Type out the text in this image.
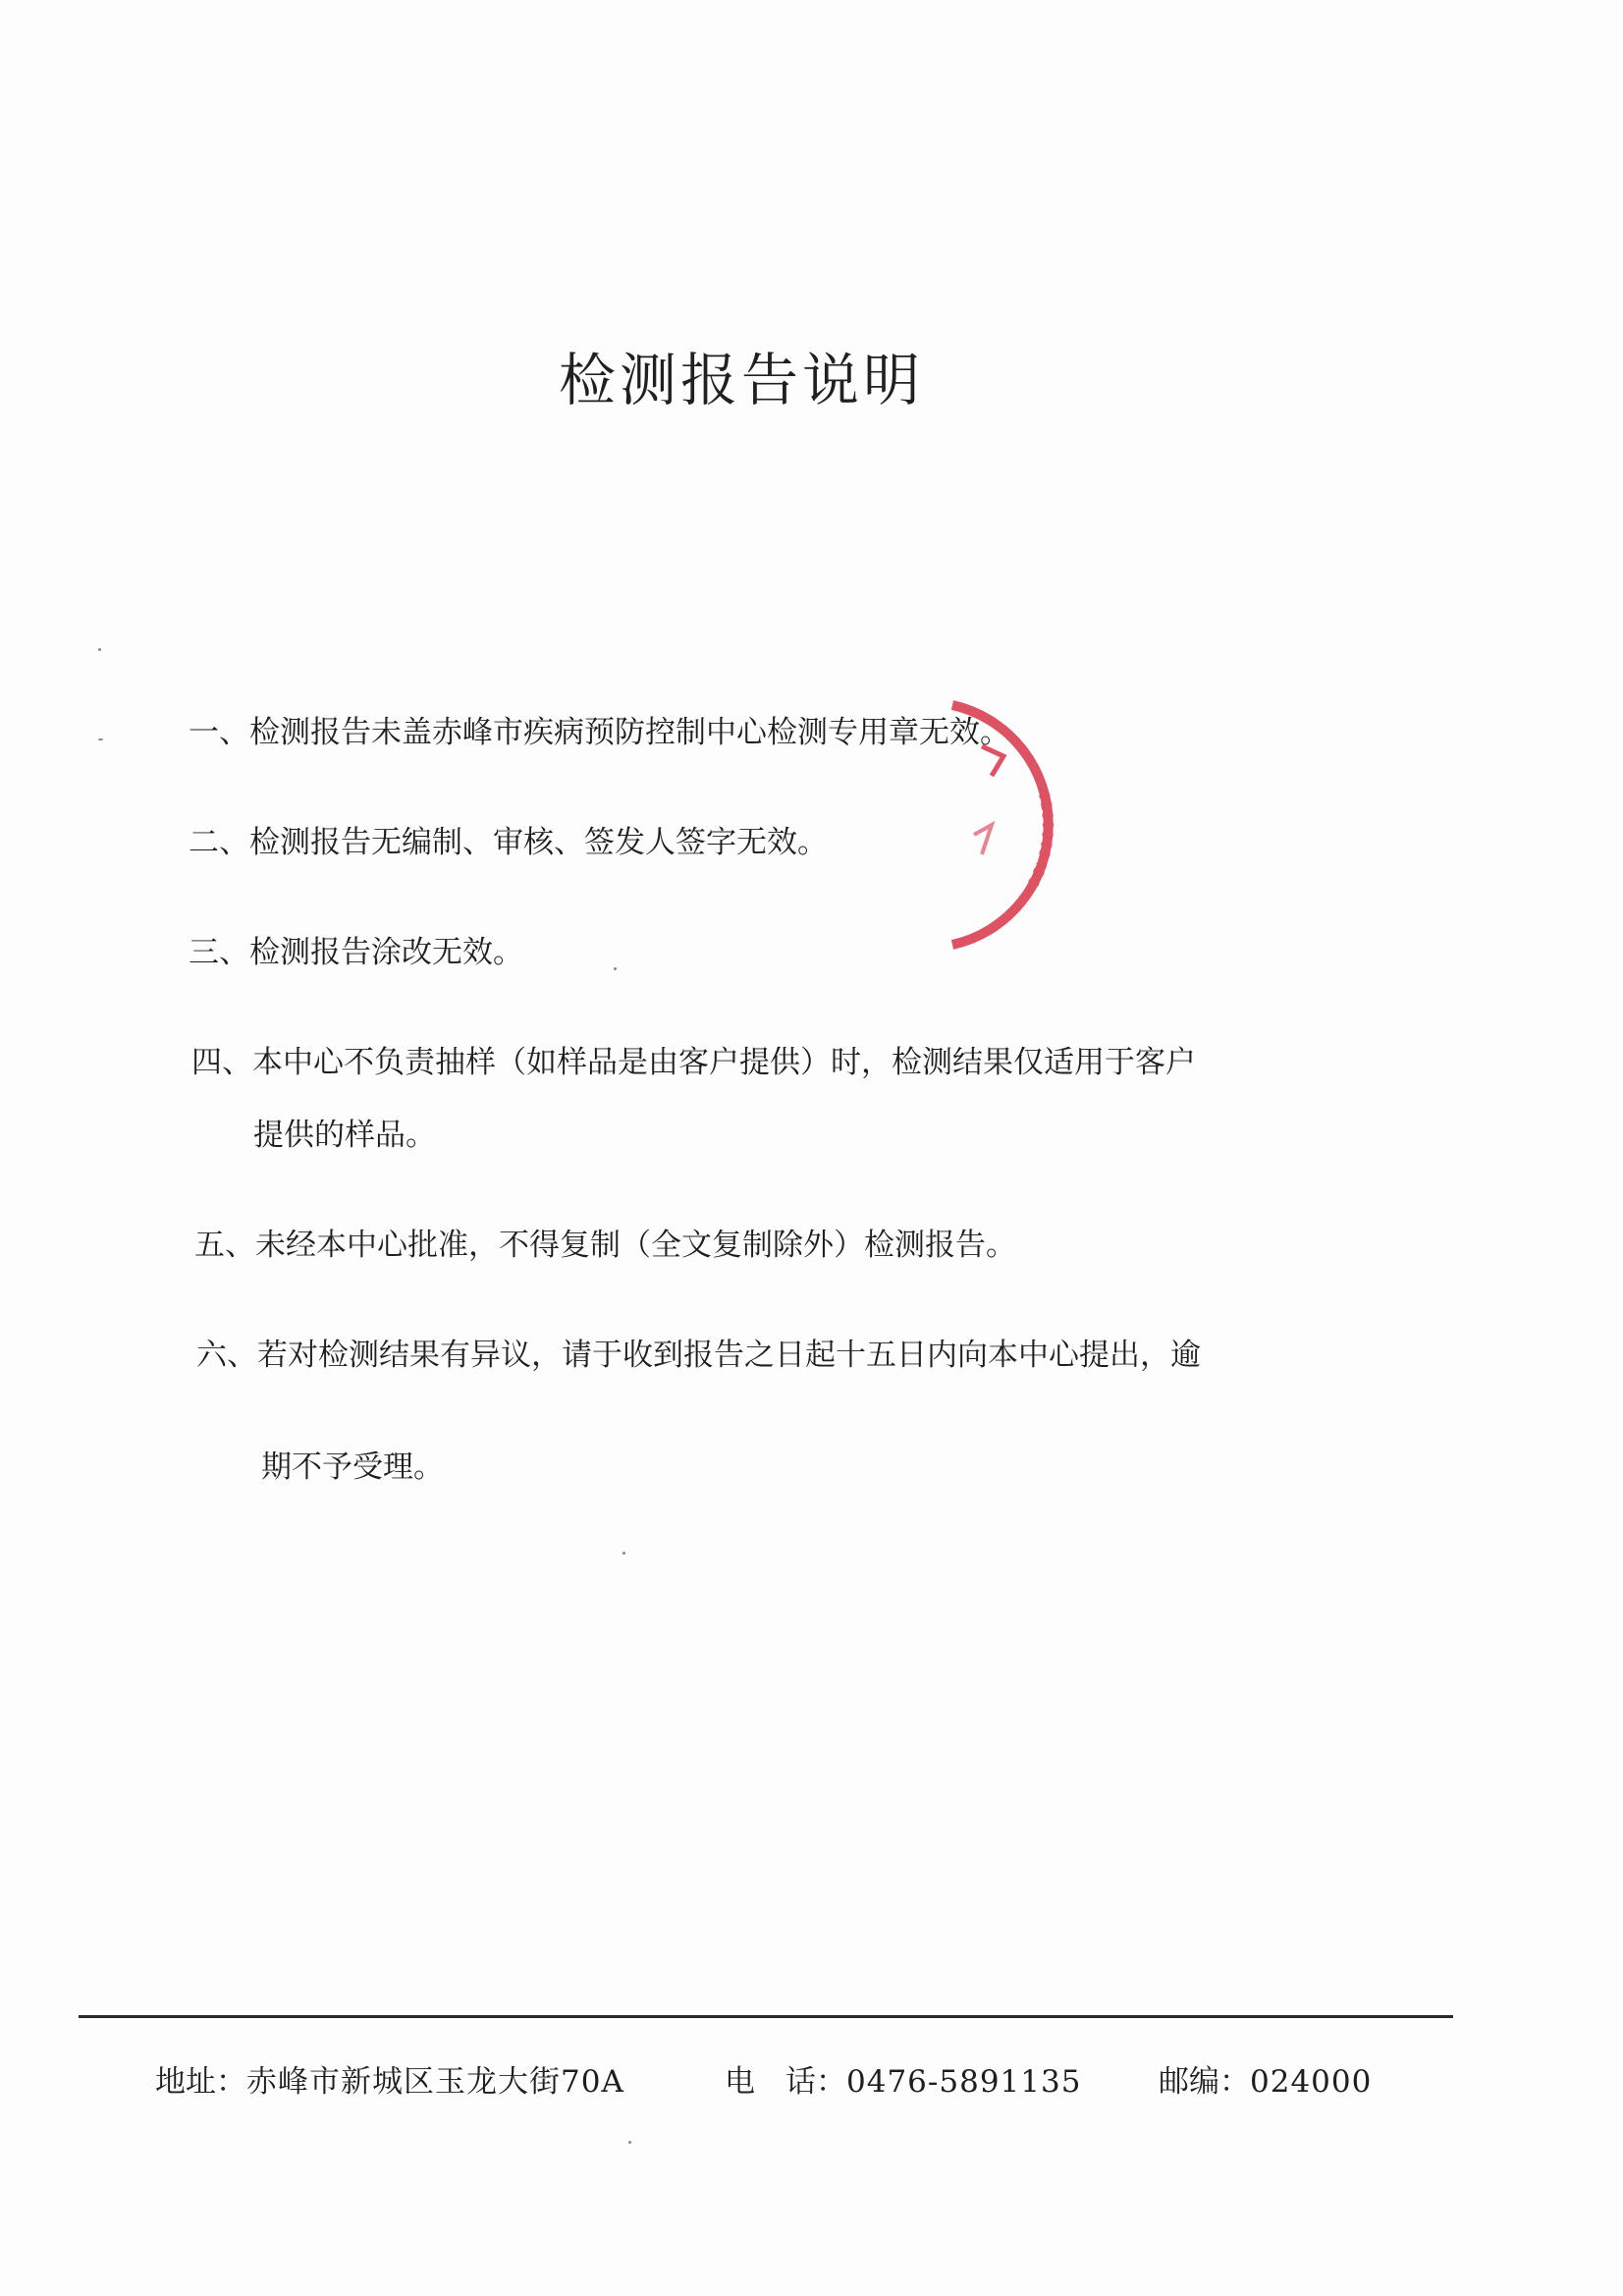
检测报告说明
一、检测报告未盖赤峰市疾病预防控制中心检测专用章无效。
二、检测报告无编制、审核、签发人签字无效。
三、检测报告涂改无效。
四、本中心不负责抽样（如样品是由客户提供）时，检测结果仅适用于客户
提供的样品。
五、未经本中心批准，不得复制（全文复制除外）检测报告。
六、若对检测结果有异议，请于收到报告之日起十五日内向本中心提出，逾
期不予受理。
020000943O
地址：赤峰市新城区玉龙大街70A	电　话：0476-5891135	邮编：024000
